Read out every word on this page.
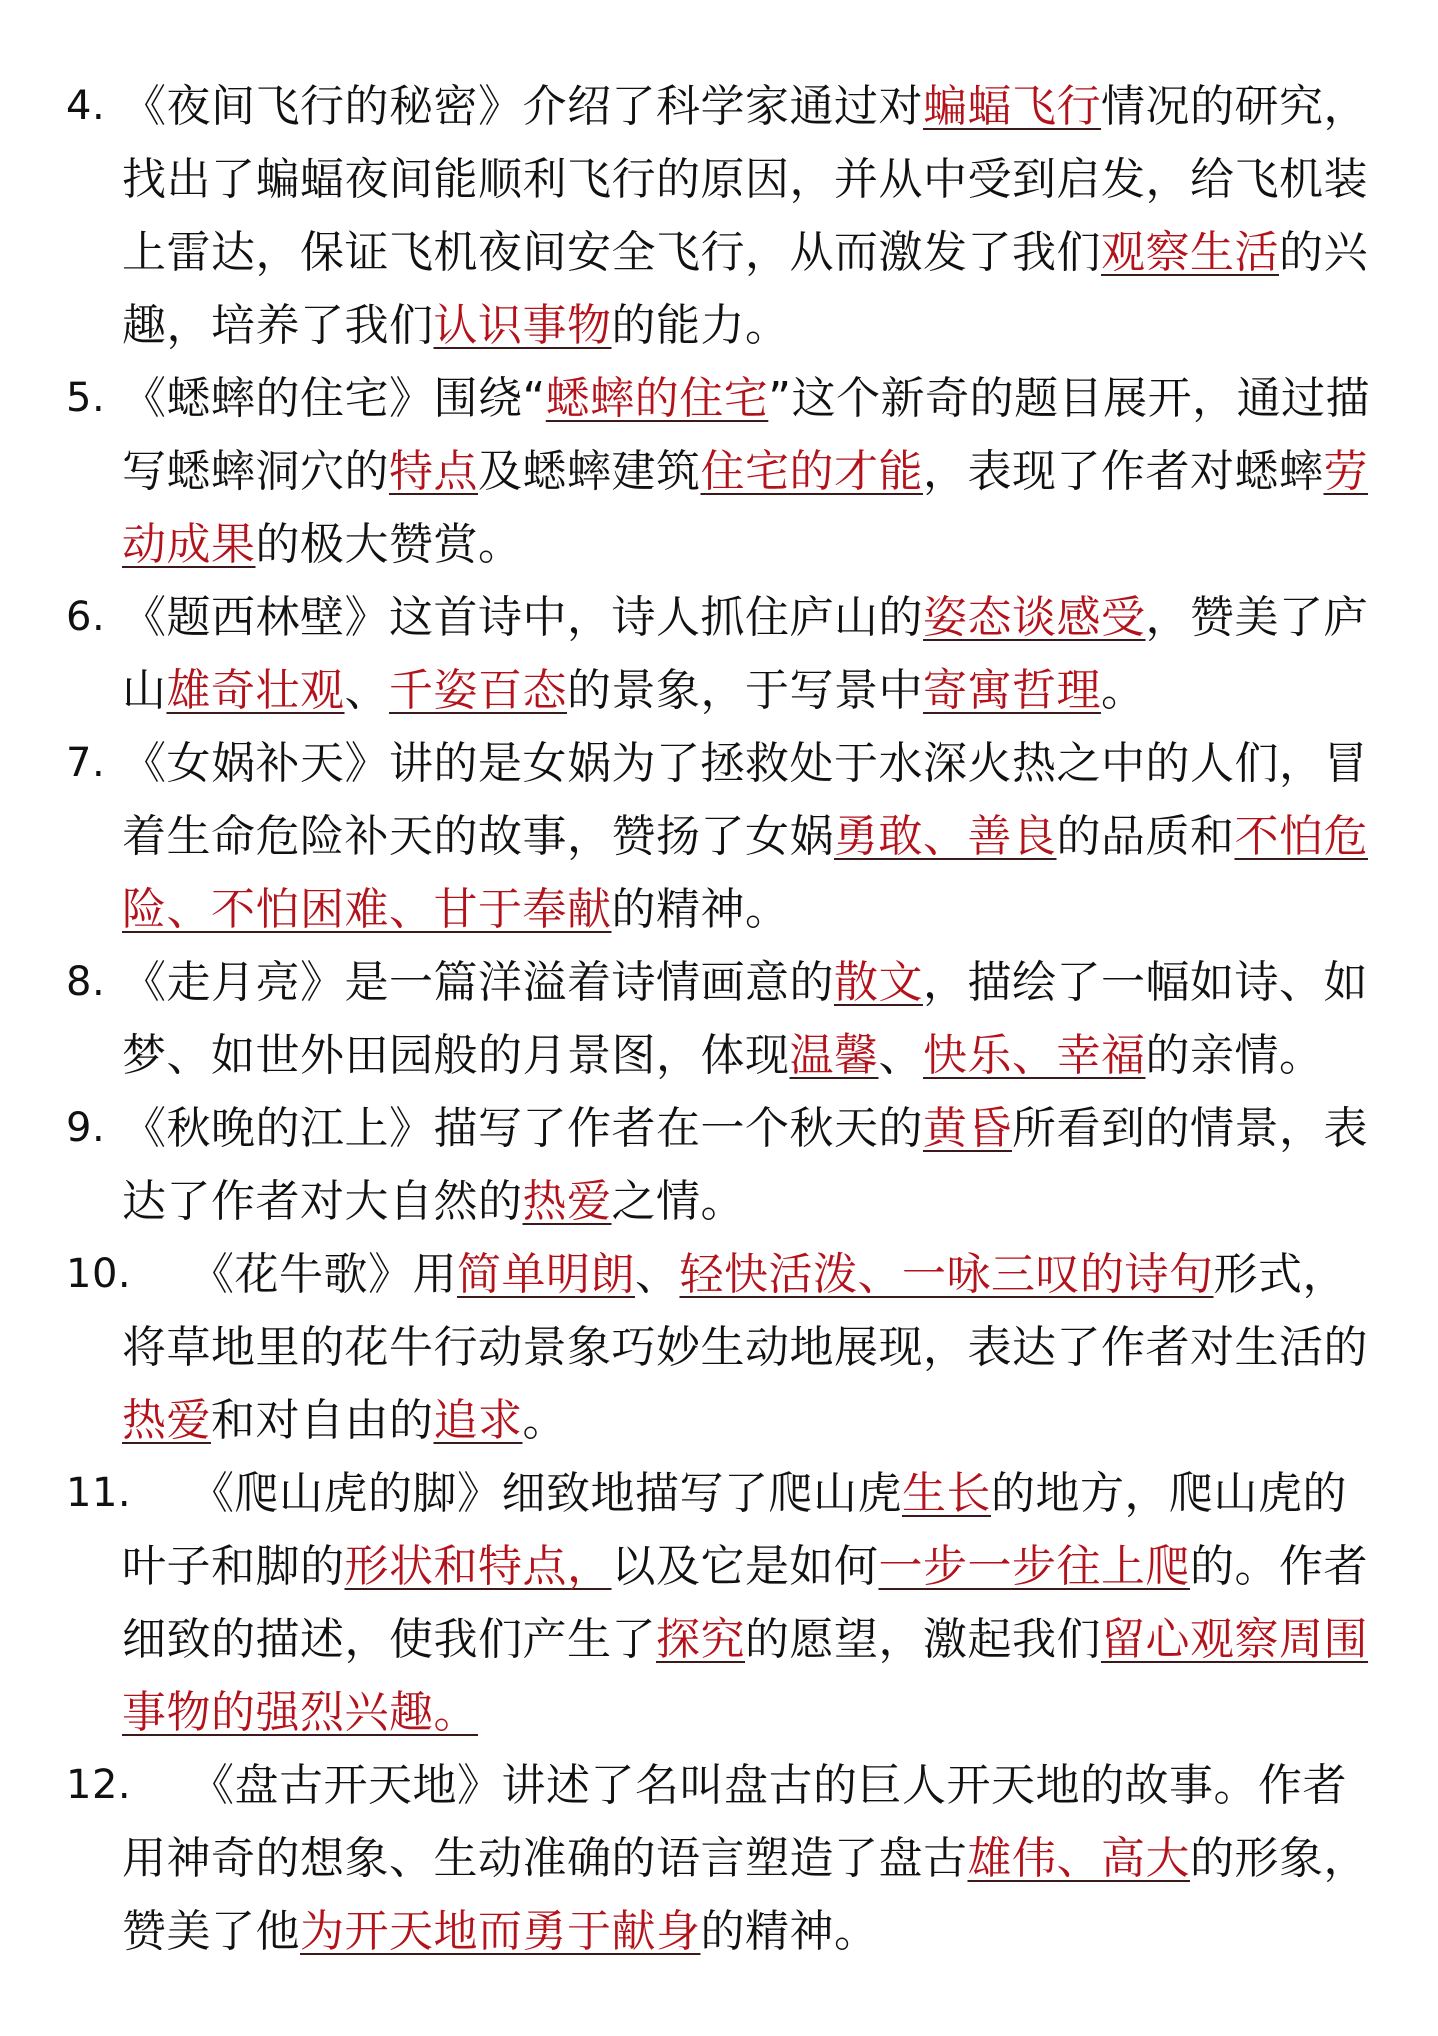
4. 《夜间飞行的秘密》介绍了科学家通过对蝙蝠飞行情况的研究，找出了蝙蝠夜间能顺利飞行的原因，并从中受到启发，给飞机装上雷达，保证飞机夜间安全飞行，从而激发了我们观察生活的兴趣，培养了我们认识事物的能力。
5. 《蟋蟀的住宅》围绕“蟋蟀的住宅”这个新奇的题目展开，通过描写蟋蟀洞穴的特点及蟋蟀建筑住宅的才能，表现了作者对蟋蟀劳动成果的极大赞赏。
6. 《题西林壁》这首诗中，诗人抓住庐山的姿态谈感受，赞美了庐山雄奇壮观、千姿百态的景象，于写景中寄寓哲理。
7. 《女娲补天》讲的是女娲为了拯救处于水深火热之中的人们，冒着生命危险补天的故事，赞扬了女娲勇敢、善良的品质和不怕危险、不怕困难、甘于奉献的精神。
8. 《走月亮》是一篇洋溢着诗情画意的散文，描绘了一幅如诗、如梦、如世外田园般的月景图，体现温馨、快乐、幸福的亲情。
9. 《秋晚的江上》描写了作者在一个秋天的黄昏所看到的情景，表达了作者对大自然的热爱之情。
10. 《花牛歌》用简单明朗、轻快活泼、一咏三叹的诗句形式，将草地里的花牛行动景象巧妙生动地展现，表达了作者对生活的热爱和对自由的追求。
11. 《爬山虎的脚》细致地描写了爬山虎生长的地方，爬山虎的叶子和脚的形状和特点，以及它是如何一步一步往上爬的。作者细致的描述，使我们产生了探究的愿望，激起我们留心观察周围事物的强烈兴趣。
12. 《盘古开天地》讲述了名叫盘古的巨人开天地的故事。作者用神奇的想象、生动准确的语言塑造了盘古雄伟、高大的形象，赞美了他为开天地而勇于献身的精神。
